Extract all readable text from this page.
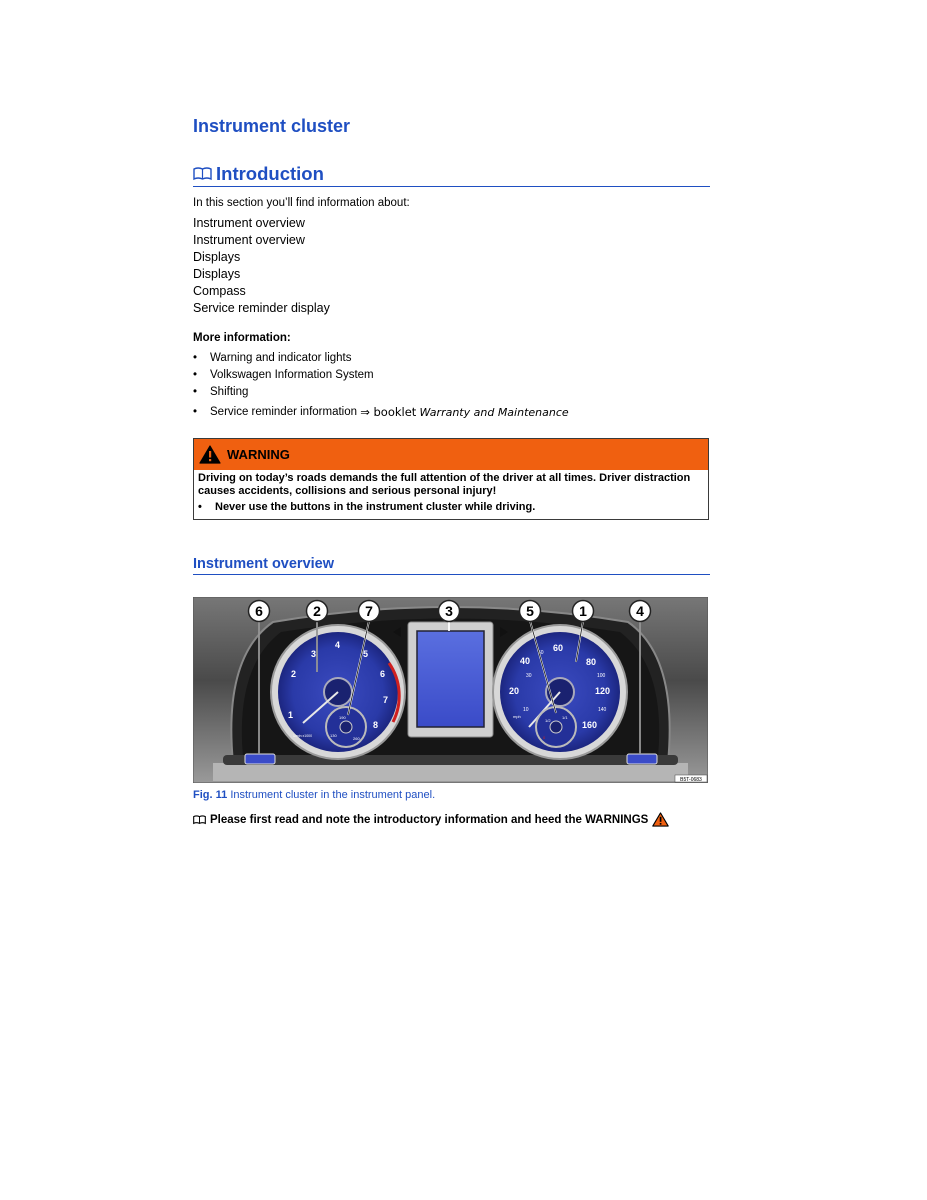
Instrument cluster
Introduction

In this section you’ll find information about:

Instrument overview
Instrument overview
Displays
Displays
Compass
Service reminder display

More information:

•	Warning and indicator lights
•	Volkswagen Information System
•	Shifting
•	Service reminder information
⇒ booklet
Warranty and Maintenance
WARNING
Driving on today’s roads demands the full attention of the driver at all times. Driver distraction causes accidents, collisions and serious personal injury!
•	Never use the buttons in the instrument cluster while driving.
Instrument overview
1
2
3
4
5
6
7
8
1/min x1000	130
190
260
20
40
60
80
120
160
10
30
50
100
140
mph	1/1
1/2
0
6	2	7	3	5	1	4
B5T-0683

Fig. 11 Instrument cluster in the instrument panel.

Please first read and note the introductory information and heed the WARNINGS
